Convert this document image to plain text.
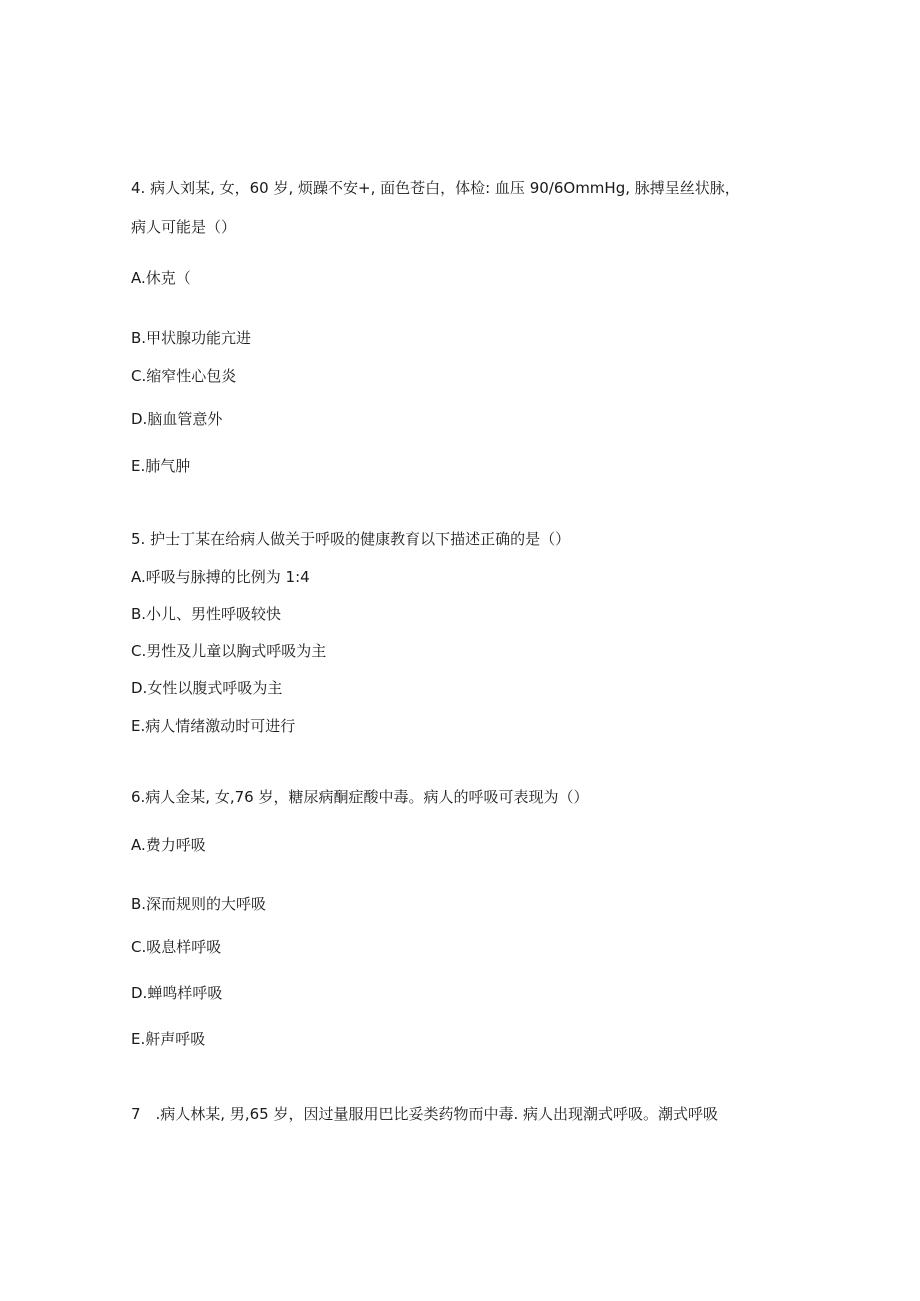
4. 病人刘某, 女，60 岁, 烦躁不安+, 面色苍白，体检: 血压 90/6OmmHg, 脉搏呈丝状脉，
病人可能是（）
A.休克（
B.甲状腺功能亢进
C.缩窄性心包炎
D.脑血管意外
E.肺气肿
5. 护士丁某在给病人做关于呼吸的健康教育以下描述正确的是（）
A.呼吸与脉搏的比例为 1:4
B.小儿、男性呼吸较快
C.男性及儿童以胸式呼吸为主
D.女性以腹式呼吸为主
E.病人情绪激动时可进行
6.病人金某, 女,76 岁，糖尿病酮症酸中毒。病人的呼吸可表现为（）
A.费力呼吸
B.深而规则的大呼吸
C.吸息样呼吸
D.蝉鸣样呼吸
E.鼾声呼吸
7　.病人林某, 男,65 岁，因过量服用巴比妥类药物而中毒. 病人出现潮式呼吸。潮式呼吸
